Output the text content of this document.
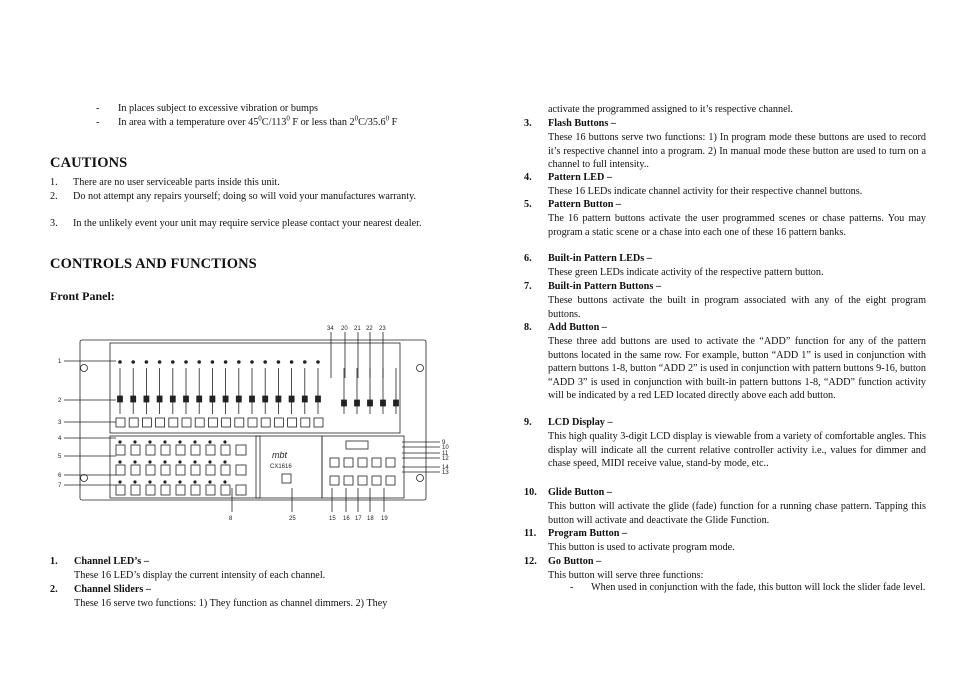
- In places subject to excessive vibration or bumps
- In area with a temperature over $45^0C/113^0$ F or less than $2^0C/35.6^0$ F
CAUTIONS
1. There are no user serviceable parts inside this unit.
2. Do not attempt any repairs yourself; doing so will void your manufactures warranty.
3. In the unlikely event your unit may require service please contact your nearest dealer.
CONTROLS AND FUNCTIONS
Front Panel:
mbt
CX1616
34 20 21 22 23
1
2
3
4
5
6
7
9
10
11
12
14
13
8	25	15 16 17 18 19
1. Channel LED’s –
These 16 LED’s display the current intensity of each channel.
2. Channel Sliders –
These 16 serve two functions: 1) They function as channel dimmers. 2) They
activate the programmed assigned to it’s respective channel.
3. Flash Buttons –
These 16 buttons serve two functions: 1) In program mode these buttons are used to record it’s respective channel into a program. 2) In manual mode these button are used to turn on a channel to full intensity..
4. Pattern LED –
These 16 LEDs indicate channel activity for their respective channel buttons.
5. Pattern Button –
The 16 pattern buttons activate the user programmed scenes or chase patterns. You may program a static scene or a chase into each one of these 16 pattern banks.
6. Built-in Pattern LEDs –
These green LEDs indicate activity of the respective pattern button.
7. Built-in Pattern Buttons –
These buttons activate the built in program associated with any of the eight program buttons.
8. Add Button –
These three add buttons are used to activate the “ADD” function for any of the pattern buttons located in the same row. For example, button “ADD 1” is used in conjunction with pattern buttons 1-8, button “ADD 2” is used in conjunction with pattern buttons 9-16, button “ADD 3” is used in conjunction with built-in pattern buttons 1-8, “ADD” function activity will be indicated by a red LED located directly above each add button.
9. LCD Display –
This high quality 3-digit LCD display is viewable from a variety of comfortable angles. This display will indicate all the current relative controller activity i.e., values for dimmer and chase speed, MIDI receive value, stand-by mode, etc..
10. Glide Button –
This button will activate the glide (fade) function for a running chase pattern. Tapping this button will activate and deactivate the Glide Function.
11. Program Button –
This button is used to activate program mode.
12. Go Button –
This button will serve three functions:
- When used in conjunction with the fade, this button will lock the slider fade level.
